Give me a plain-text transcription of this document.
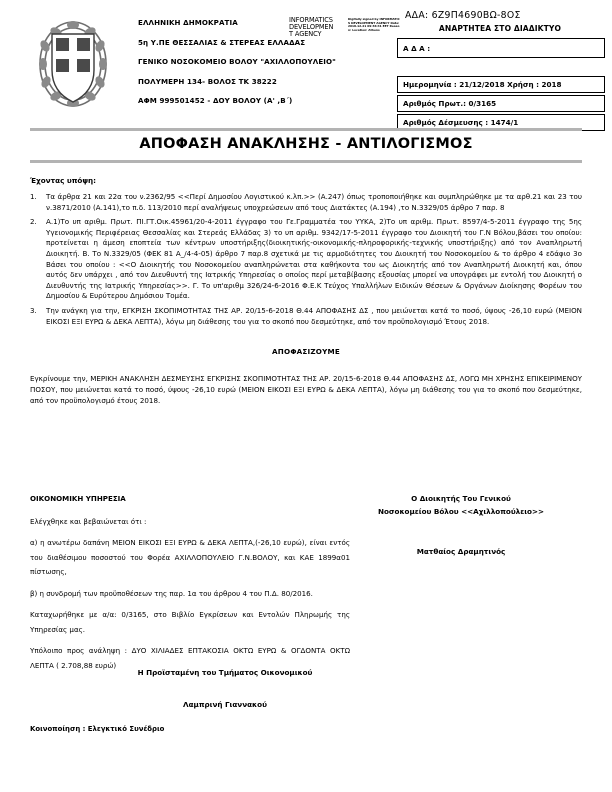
ΕΛΛΗΝΙΚΗ ΔΗΜΟΚΡΑΤΙΑ
5η Υ.ΠΕ ΘΕΣΣΑΛΙΑΣ & ΣΤΕΡΕΑΣ ΕΛΛΑΔΑΣ
ΓΕΝΙΚΟ ΝΟΣΟΚΟΜΕΙΟ ΒΟΛΟΥ "ΑΧΙΛΛΟΠΟΥΛΕΙΟ"
ΠΟΛΥΜΕΡΗ 134- ΒΟΛΟΣ ΤΚ 38222
ΑΦΜ 999501452 - ΔΟΥ ΒΟΛΟΥ (Α' ,Β΄)
INFORMATICS
DEVELOPMEN
T AGENCY
Digitally signed by INFORMATICS DEVELOPMENT AGENCY Date: 2018.12.21 09:36:41 EET Reason: Location: Athens
ΑΔΑ: 6Ζ9Π4690ΒΩ-8ΟΣ
ΑΝΑΡΤΗΤΕΑ ΣΤΟ ΔΙΑΔΙΚΤΥΟ
Α Δ Α :
Ημερομηνία : 21/12/2018 Χρήση : 2018
Αριθμός Πρωτ.: 0/3165
Αριθμός Δέσμευσης : 1474/1
ΑΠΟΦΑΣΗ ΑΝΑΚΛΗΣΗΣ - ΑΝΤΙΛΟΓΙΣΜΟΣ
Έχοντας υπόψη:
1.	Τα άρθρα 21 και 22α του ν.2362/95 <<Περί Δημοσίου Λογιστικού κ.λπ.>> (Α.247) όπως τροποποιήθηκε και συμπληρώθηκε με τα αρθ.21 και 23 του ν.3871/2010 (Α.141),το π.δ. 113/2010 περί αναλήψεως υποχρεώσεων από τους Διατάκτες (Α.194) ,το Ν.3329/05 άρθρο 7 παρ. 8
2.	Α.1)Το υπ αριθμ. Πρωτ. ΠΙ.ΓΤ.Οικ.45961/20-4-2011 έγγραφο του Γε.Γραμματέα του ΥΥΚΑ, 2)Το υπ αριθμ. Πρωτ. 8597/4-5-2011 έγγραφο της 5ης Υγειονομικής Περιφέρειας Θεσσαλίας και Στερεάς Ελλάδας 3) το υπ αριθμ. 9342/17-5-2011 έγγραφο του Διοικητή του Γ.Ν Βόλου,βάσει του οποίου: προτείνεται η άμεση εποπτεία των κέντρων υποστήριξης(διοικητικής-οικονομικής-πληροφορικής-τεχνικής υποστήριξης) από τον Αναπληρωτή Διοικητή. Β. Το Ν.3329/05 (ΦΕΚ 81 Α_/4-4-05) άρθρο 7 παρ.8 σχετικά με τις αρμοδιότητες του Διοικητή του Νοσοκομείου & το άρθρο 4 εδάφιο 3ο Βάσει του οποίου : <<Ο Διοικητής του Νοσοκομείου αναπληρώνεται στα καθήκοντα του ως Διοικητής από τον Αναπληρωτή Διοικητή και, όπου αυτός δεν υπάρχει , από τον Διευθυντή της Ιατρικής Υπηρεσίας ο οποίος περί μεταβίβασης εξουσίας μπορεί να υπογράφει με εντολή του Διοικητή ο Διευθυντής της Ιατρικής Υπηρεσίας>>. Γ. Το υπ'αριθμ 326/24-6-2016 Φ.Ε.Κ Τεύχος Υπαλλήλων Ειδικών Θέσεων & Οργάνων Διοίκησης Φορέων του Δημοσίου & Ευρύτερου Δημόσιου Τομέα.
3.	Την ανάγκη για την, ΕΓΚΡΙΣΗ ΣΚΟΠΙΜΟΤΗΤΑΣ ΤΗΣ ΑΡ. 20/15-6-2018 Θ.44 ΑΠΟΦΑΣΗΣ ΔΣ , που μειώνεται κατά το ποσό, ύψους -26,10 ευρώ (ΜΕΙΟΝ ΕΙΚΟΣΙ ΕΞΙ ΕΥΡΩ & ΔΕΚΑ ΛΕΠΤΑ), λόγω μη διάθεσης του για το σκοπό που δεσμεύτηκε, από τον προϋπολογισμό Έτους 2018.
ΑΠΟΦΑΣΙΖΟΥΜΕ
Εγκρίνουμε την, ΜΕΡΙΚΗ ΑΝΑΚΛΗΣΗ ΔΕΣΜΕΥΣΗΣ ΕΓΚΡΙΣΗΣ ΣΚΟΠΙΜΟΤΗΤΑΣ ΤΗΣ ΑΡ. 20/15-6-2018 Θ.44 ΑΠΟΦΑΣΗΣ ΔΣ, ΛΟΓΩ ΜΗ ΧΡΗΣΗΣ ΕΠΙΚΕΙΡΙΜΕΝΟΥ ΠΟΣΟΥ, που μειώνεται κατά το ποσό, ύψους -26,10 ευρώ (ΜΕΙΟΝ ΕΙΚΟΣΙ ΕΞΙ ΕΥΡΩ & ΔΕΚΑ ΛΕΠΤΑ), λόγω μη διάθεσης του για το σκοπό που δεσμεύτηκε, από τον προϋπολογισμό έτους 2018.
ΟΙΚΟΝΟΜΙΚΗ ΥΠΗΡΕΣΙΑ

Ελέγχθηκε και βεβαιώνεται ότι :

α) η ανωτέρω δαπάνη ΜΕΙΟΝ ΕΙΚΟΣΙ ΕΞΙ ΕΥΡΩ & ΔΕΚΑ ΛΕΠΤΑ,(-26,10 ευρώ), είναι εντός του διαθέσιμου ποσοστού του Φορέα ΑΧΙΛΛΟΠΟΥΛΕΙΟ Γ.Ν.ΒΟΛΟΥ, και ΚΑΕ 1899α01 πίστωσης,

β) η συνδρομή των προϋποθέσεων της παρ. 1α του άρθρου 4 του Π.Δ. 80/2016.

Καταχωρήθηκε με α/α: 0/3165, στο Βιβλίο Εγκρίσεων και Εντολών Πληρωμής της Υπηρεσίας μας.

Υπόλοιπο προς ανάληψη : ΔΥΟ ΧΙΛΙΑΔΕΣ ΕΠΤΑΚΟΣΙΑ ΟΚΤΩ ΕΥΡΩ & ΟΓΔΟΝΤΑ ΟΚΤΩ ΛΕΠΤΑ ( 2.708,88 ευρώ)

Ο Διοικητής Του Γενικού
Νοσοκομείου Βόλου <<Αχιλλοπούλειο>>
Ματθαίος Δραμητινός
Η Προϊσταμένη του Τμήματος Οικονομικού
Λαμπρινή Γιαννακού
Κοινοποίηση : Ελεγκτικό Συνέδριο
